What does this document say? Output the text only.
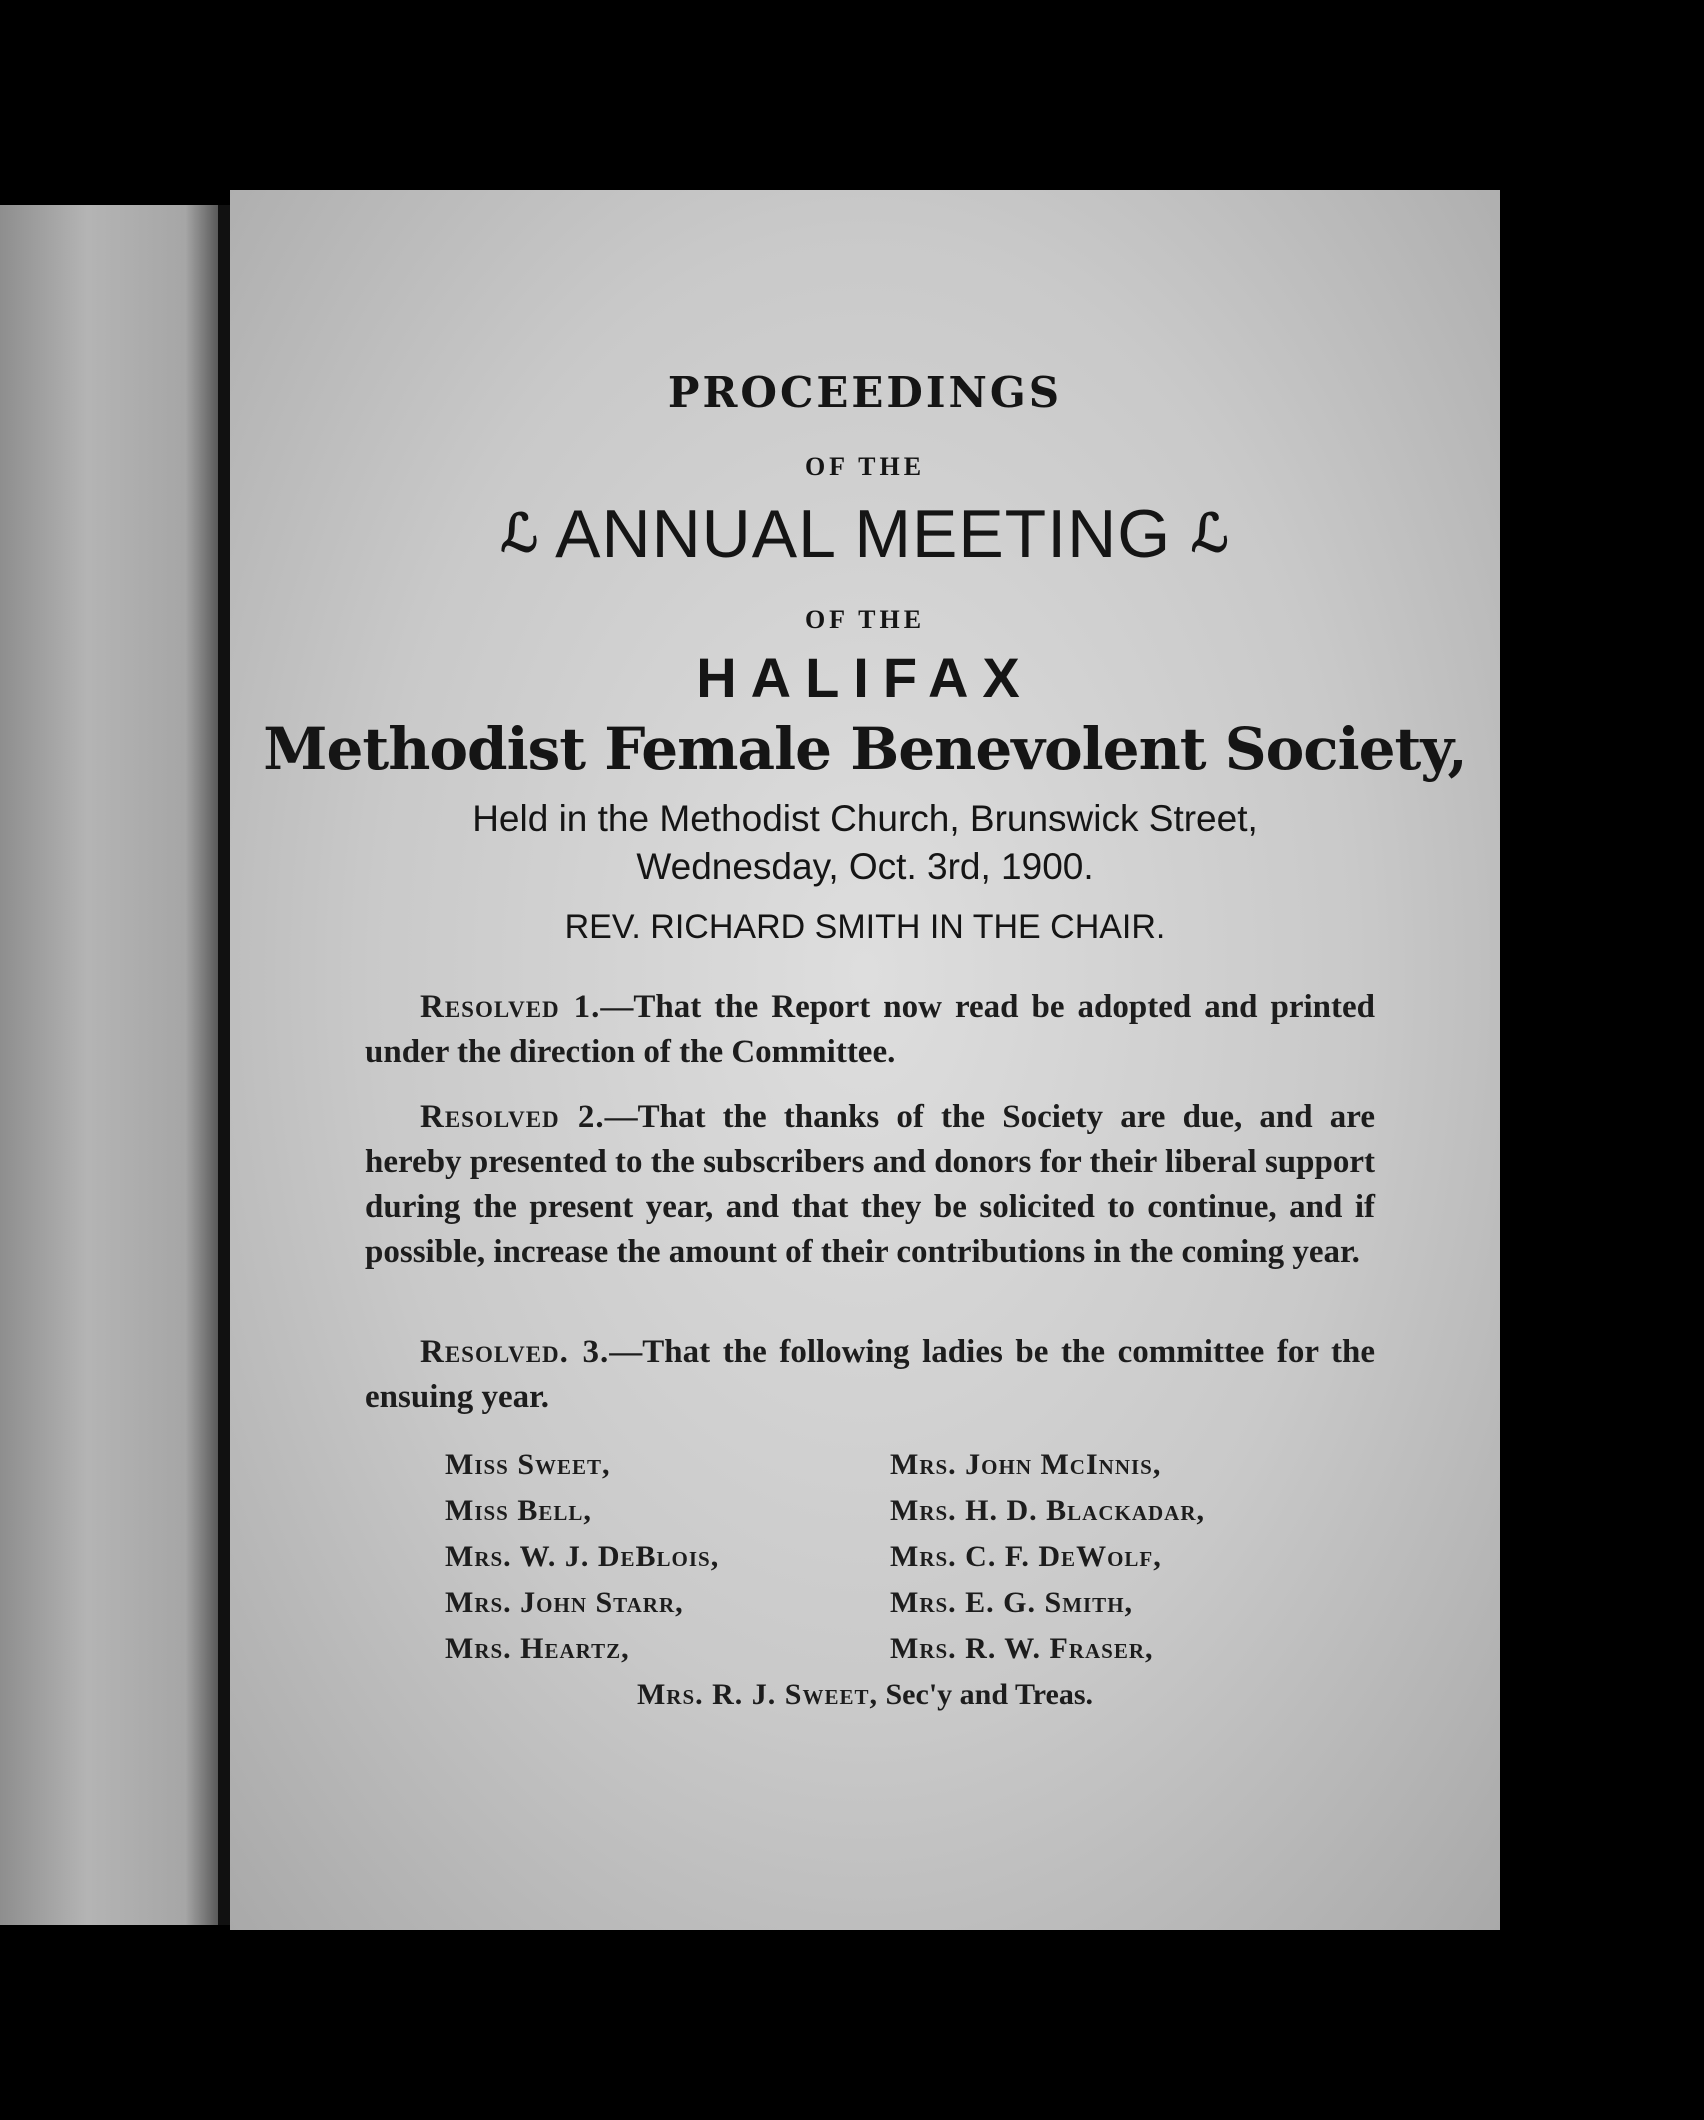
PROCEEDINGS
OF THE
ℒ ANNUAL MEETING ℒ
OF THE
HALIFAX
Methodist Female Benevolent Society,
Held in the Methodist Church, Brunswick Street,
Wednesday, Oct. 3rd, 1900.
REV. RICHARD SMITH IN THE CHAIR.
Resolved 1.—That the Report now read be adopted and printed under the direction of the Committee.
Resolved 2.—That the thanks of the Society are due, and are hereby presented to the subscribers and donors for their liberal support during the present year, and that they be solicited to continue, and if possible, increase the amount of their contributions in the coming year.
Resolved. 3.—That the following ladies be the committee for the ensuing year.
Miss Sweet,
Miss Bell,
Mrs. W. J. DeBlois,
Mrs. John Starr,
Mrs. Heartz,
Mrs. John McInnis,
Mrs. H. D. Blackadar,
Mrs. C. F. DeWolf,
Mrs. E. G. Smith,
Mrs. R. W. Fraser,
Mrs. R. J. Sweet, Sec'y and Treas.
